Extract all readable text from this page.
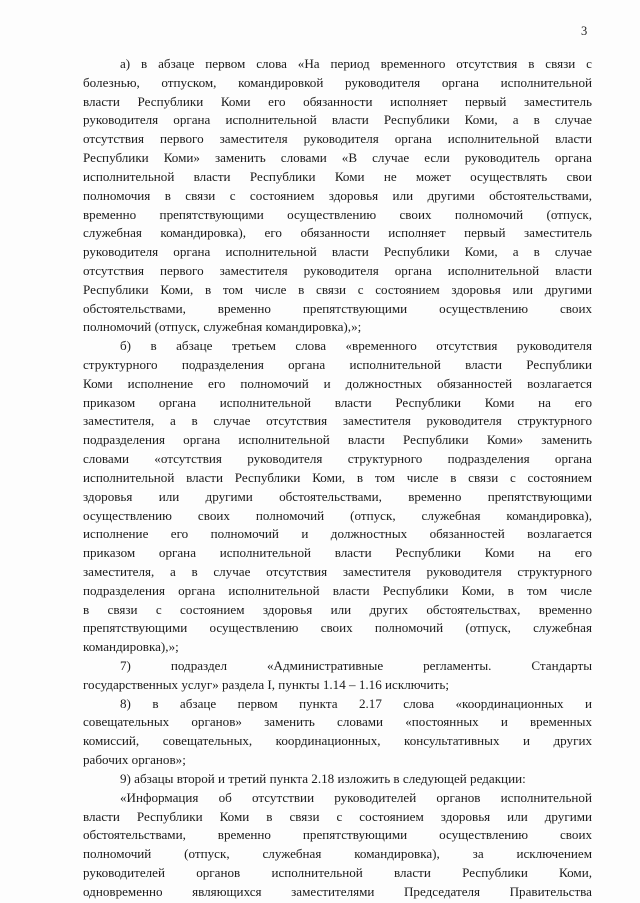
3
а) в абзаце первом слова «На период временного отсутствия в связи с
болезнью, отпуском, командировкой руководителя органа исполнительной
власти Республики Коми его обязанности исполняет первый заместитель
руководителя органа исполнительной власти Республики Коми, а в случае
отсутствия первого заместителя руководителя органа исполнительной власти
Республики Коми» заменить словами «В случае если руководитель органа
исполнительной власти Республики Коми не может осуществлять свои
полномочия в связи с состоянием здоровья или другими обстоятельствами,
временно препятствующими осуществлению своих полномочий (отпуск,
служебная командировка), его обязанности исполняет первый заместитель
руководителя органа исполнительной власти Республики Коми, а в случае
отсутствия первого заместителя руководителя органа исполнительной власти
Республики Коми, в том числе в связи с состоянием здоровья или другими
обстоятельствами, временно препятствующими осуществлению своих
полномочий (отпуск, служебная командировка),»;
б) в абзаце третьем слова «временного отсутствия руководителя
структурного подразделения органа исполнительной власти Республики
Коми исполнение его полномочий и должностных обязанностей возлагается
приказом органа исполнительной власти Республики Коми на его
заместителя, а в случае отсутствия заместителя руководителя структурного
подразделения органа исполнительной власти Республики Коми» заменить
словами «отсутствия руководителя структурного подразделения органа
исполнительной власти Республики Коми, в том числе в связи с состоянием
здоровья или другими обстоятельствами, временно препятствующими
осуществлению своих полномочий (отпуск, служебная командировка),
исполнение его полномочий и должностных обязанностей возлагается
приказом органа исполнительной власти Республики Коми на его
заместителя, а в случае отсутствия заместителя руководителя структурного
подразделения органа исполнительной власти Республики Коми, в том числе
в связи с состоянием здоровья или других обстоятельствах, временно
препятствующими осуществлению своих полномочий (отпуск, служебная
командировка),»;
7) подраздел «Административные регламенты. Стандарты
государственных услуг» раздела I, пункты 1.14 – 1.16 исключить;
8) в абзаце первом пункта 2.17 слова «координационных и
совещательных органов» заменить словами «постоянных и временных
комиссий, совещательных, координационных, консультативных и других
рабочих органов»;
9) абзацы второй и третий пункта 2.18 изложить в следующей редакции:
«Информация об отсутствии руководителей органов исполнительной
власти Республики Коми в связи с состоянием здоровья или другими
обстоятельствами, временно препятствующими осуществлению своих
полномочий (отпуск, служебная командировка), за исключением
руководителей органов исполнительной власти Республики Коми,
одновременно являющихся заместителями Председателя Правительства
